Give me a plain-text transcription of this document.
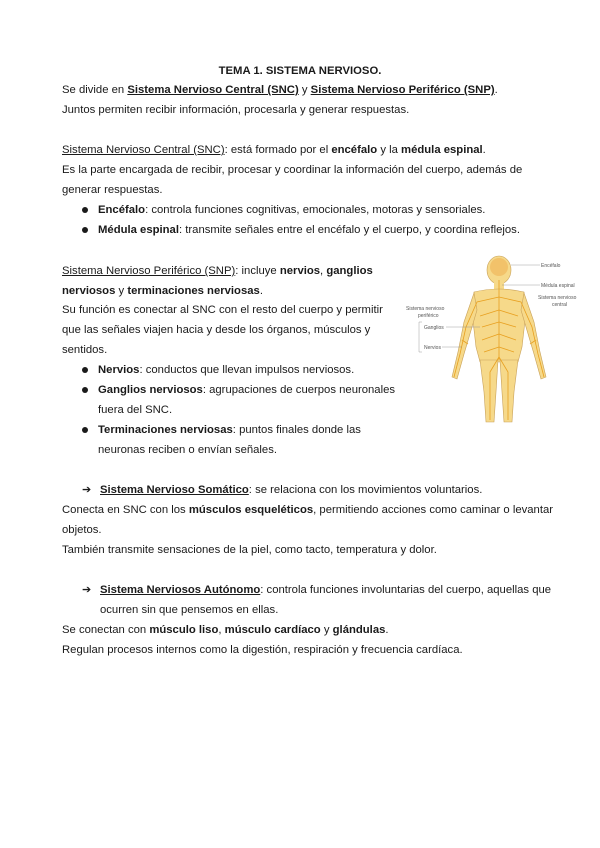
TEMA 1. SISTEMA NERVIOSO.
Se divide en Sistema Nervioso Central (SNC) y Sistema Nervioso Periférico (SNP).
Juntos permiten recibir información, procesarla y generar respuestas.
Sistema Nervioso Central (SNC): está formado por el encéfalo y la médula espinal.
Es la parte encargada de recibir, procesar y coordinar la información del cuerpo, además de
generar respuestas.
Encéfalo: controla funciones cognitivas, emocionales, motoras y sensoriales.
Médula espinal: transmite señales entre el encéfalo y el cuerpo, y coordina reflejos.
Sistema Nervioso Periférico (SNP): incluye nervios, ganglios
nerviosos y terminaciones nerviosas.
Su función es conectar al SNC con el resto del cuerpo y permitir
que las señales viajen hacia y desde los órganos, músculos y
sentidos.
Nervios: conductos que llevan impulsos nerviosos.
Ganglios nerviosos: agrupaciones de cuerpos neuronales
fuera del SNC.
Terminaciones nerviosas: puntos finales donde las
neuronas reciben o envían señales.
Encéfalo
Médula espinal
Sistema nervioso
central
Sistema nervioso
periférico
Ganglios
Nervios
➔ Sistema Nervioso Somático: se relaciona con los movimientos voluntarios.
Conecta en SNC con los músculos esqueléticos, permitiendo acciones como caminar o levantar
objetos.
También transmite sensaciones de la piel, como tacto, temperatura y dolor.
➔ Sistema Nerviosos Autónomo: controla funciones involuntarias del cuerpo, aquellas que
ocurren sin que pensemos en ellas.
Se conectan con músculo liso, músculo cardíaco y glándulas.
Regulan procesos internos como la digestión, respiración y frecuencia cardíaca.
